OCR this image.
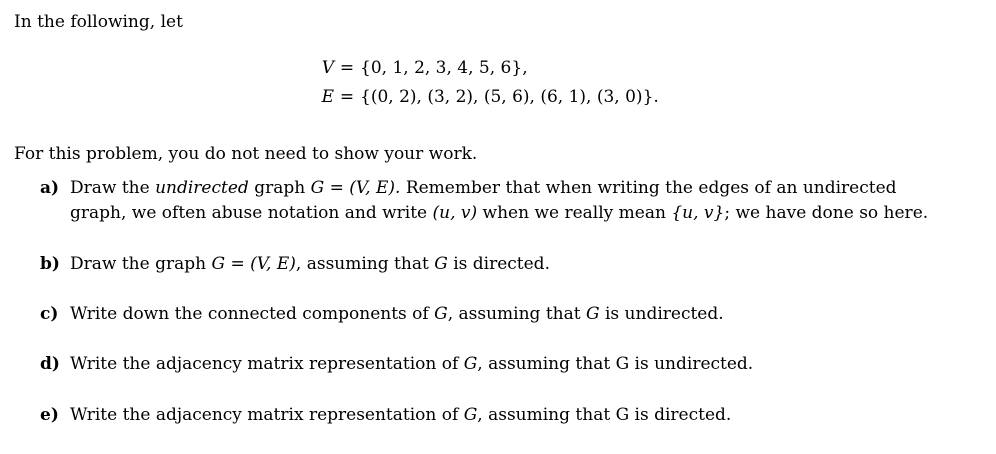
In the following, let
V = {0, 1, 2, 3, 4, 5, 6},
E = {(0, 2), (3, 2), (5, 6), (6, 1), (3, 0)}.
For this problem, you do not need to show your work.
a) Draw the undirected graph G = (V, E). Remember that when writing the edges of an undirected
graph, we often abuse notation and write (u, v) when we really mean {u, v}; we have done so here.
b) Draw the graph G = (V, E), assuming that G is directed.
c) Write down the connected components of G, assuming that G is undirected.
d) Write the adjacency matrix representation of G, assuming that G is undirected.
e) Write the adjacency matrix representation of G, assuming that G is directed.
